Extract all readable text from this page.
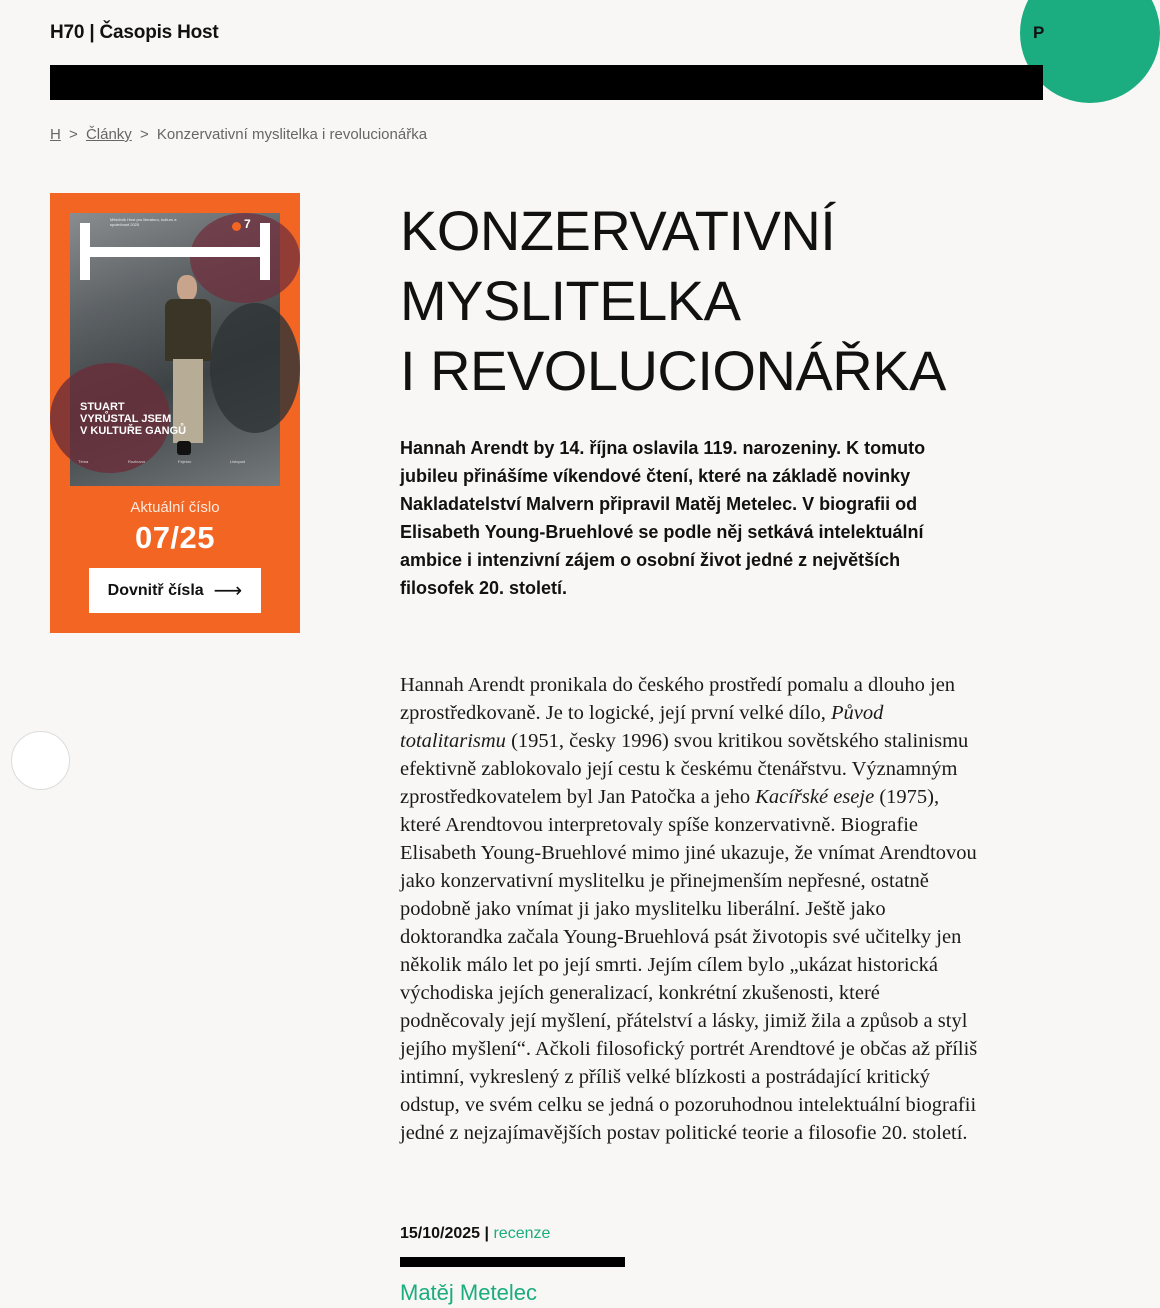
H70 | Časopis Host	P
H > Články > Konzervativní myslitelka i revolucionářka
Měsíčník Host pro literaturu, kulturu a společnost 2025	7
STUART
VYRŮSTAL JSEM
V KULTUŘE GANGŮ
Téma	Rozhovor	Fejeton	Listopad
Aktuální číslo
07/25
Dovnitř čísla ⟶
KONZERVATIVNÍ
MYSLITELKA
I REVOLUCIONÁŘKA

Hannah Arendt by 14. října oslavila 119. narozeniny. K tomuto jubileu přinášíme víkendové čtení, které na základě novinky Nakladatelství Malvern připravil Matěj Metelec. V biografii od Elisabeth Young-Bruehlové se podle něj setkává intelektuální ambice i intenzivní zájem o osobní život jedné z největších filosofek 20. století.

Hannah Arendt pronikala do českého prostředí pomalu a dlouho jen zprostředkovaně. Je to logické, její první velké dílo, Původ totalitarismu (1951, česky 1996) svou kritikou sovětského stalinismu efektivně zablokovalo její cestu k českému čtenářstvu. Významným zprostředkovatelem byl Jan Patočka a jeho Kacířské eseje (1975), které Arendtovou interpretovaly spíše konzervativně. Biografie Elisabeth Young-Bruehlové mimo jiné ukazuje, že vnímat Arendtovou jako konzervativní myslitelku je přinejmenším nepřesné, ostatně podobně jako vnímat ji jako myslitelku liberální. Ještě jako doktorandka začala Young-Bruehlová psát životopis své učitelky jen několik málo let po její smrti. Jejím cílem bylo „ukázat historická východiska jejích generalizací, konkrétní zkušenosti, které podněcovaly její myšlení, přátelství a lásky, jimiž žila a způsob a styl jejího myšlení“. Ačkoli filosofický portrét Arendtové je občas až příliš intimní, vykreslený z příliš velké blízkosti a postrádající kritický odstup, ve svém celku se jedná o pozoruhodnou intelektuální biografii jedné z nejzajímavějších postav politické teorie a filosofie 20. století.

15/10/2025 | recenze
Matěj Metelec
